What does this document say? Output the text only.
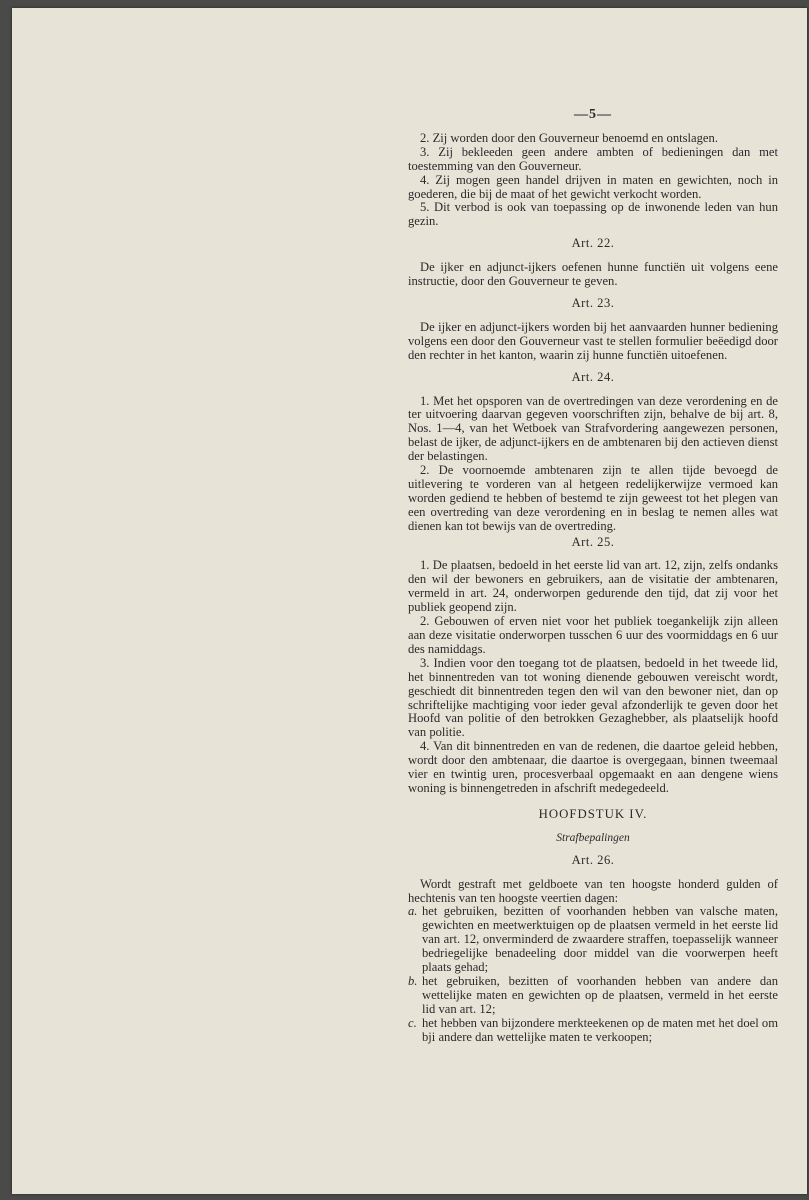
—5—

2. Zij worden door den Gouverneur benoemd en ontslagen.

3. Zij bekleeden geen andere ambten of bedieningen dan met toestemming van den Gouverneur.

4. Zij mogen geen handel drijven in maten en gewichten, noch in goederen, die bij de maat of het gewicht verkocht worden.

5. Dit verbod is ook van toepassing op de inwonende leden van hun gezin.

Art. 22.

De ijker en adjunct-ijkers oefenen hunne functiën uit volgens eene instructie, door den Gouverneur te geven.

Art. 23.

De ijker en adjunct-ijkers worden bij het aanvaarden hunner bediening volgens een door den Gouverneur vast te stellen formulier beëedigd door den rechter in het kanton, waarin zij hunne functiën uitoefenen.

Art. 24.

1. Met het opsporen van de overtredingen van deze verordening en de ter uitvoering daarvan gegeven voorschriften zijn, behalve de bij art. 8, Nos. 1—4, van het Wetboek van Strafvordering aangewezen personen, belast de ijker, de adjunct-ijkers en de ambtenaren bij den actieven dienst der belastingen.

2. De voornoemde ambtenaren zijn te allen tijde bevoegd de uitlevering te vorderen van al hetgeen redelijkerwijze vermoed kan worden gediend te hebben of bestemd te zijn geweest tot het plegen van een overtreding van deze verordening en in beslag te nemen alles wat dienen kan tot bewijs van de overtreding.

Art. 25.

1. De plaatsen, bedoeld in het eerste lid van art. 12, zijn, zelfs ondanks den wil der bewoners en gebruikers, aan de visitatie der ambtenaren, vermeld in art. 24, onderworpen gedurende den tijd, dat zij voor het publiek geopend zijn.

2. Gebouwen of erven niet voor het publiek toegankelijk zijn alleen aan deze visitatie onderworpen tusschen 6 uur des voormiddags en 6 uur des namiddags.

3. Indien voor den toegang tot de plaatsen, bedoeld in het tweede lid, het binnentreden van tot woning dienende gebouwen vereischt wordt, geschiedt dit binnentreden tegen den wil van den bewoner niet, dan op schriftelijke machtiging voor ieder geval afzonderlijk te geven door het Hoofd van politie of den betrokken Gezaghebber, als plaatselijk hoofd van politie.

4. Van dit binnentreden en van de redenen, die daartoe geleid hebben, wordt door den ambtenaar, die daartoe is overgegaan, binnen tweemaal vier en twintig uren, procesverbaal opgemaakt en aan dengene wiens woning is binnengetreden in afschrift medegedeeld.

HOOFDSTUK IV.
Strafbepalingen
Art. 26.

Wordt gestraft met geldboete van ten hoogste honderd gulden of hechtenis van ten hoogste veertien dagen:

a. het gebruiken, bezitten of voorhanden hebben van valsche maten, gewichten en meetwerktuigen op de plaatsen vermeld in het eerste lid van art. 12, onverminderd de zwaardere straffen, toepasselijk wanneer bedriegelijke benadeeling door middel van die voorwerpen heeft plaats gehad;
b. het gebruiken, bezitten of voorhanden hebben van andere dan wettelijke maten en gewichten op de plaatsen, vermeld in het eerste lid van art. 12;
c. het hebben van bijzondere merkteekenen op de maten met het doel om bji andere dan wettelijke maten te verkoopen;
